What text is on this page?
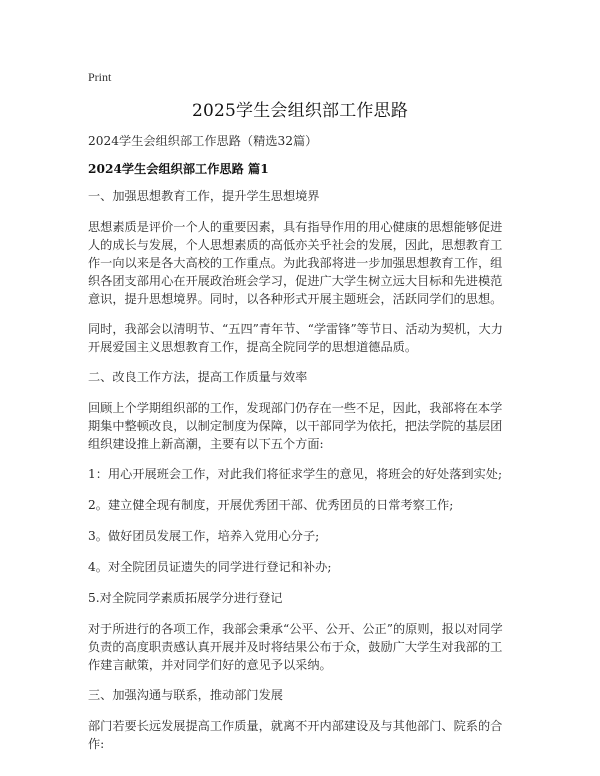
Print
2025学生会组织部工作思路

2024学生会组织部工作思路（精选32篇）

2024学生会组织部工作思路 篇1

一、加强思想教育工作，提升学生思想境界

思想素质是评价一个人的重要因素，具有指导作用的用心健康的思想能够促进人的成长与发展，个人思想素质的高低亦关乎社会的发展，因此，思想教育工作一向以来是各大高校的工作重点。为此我部将进一步加强思想教育工作，组织各团支部用心在开展政治班会学习，促进广大学生树立远大目标和先进模范意识，提升思想境界。同时，以各种形式开展主题班会，活跃同学们的思想。

同时，我部会以清明节、“五四”青年节、“学雷锋”等节日、活动为契机，大力开展爱国主义思想教育工作，提高全院同学的思想道德品质。

二、改良工作方法，提高工作质量与效率

回顾上个学期组织部的工作，发现部门仍存在一些不足，因此，我部将在本学期集中整顿改良，以制定制度为保障，以干部同学为依托，把法学院的基层团组织建设推上新高潮，主要有以下五个方面:

1：用心开展班会工作，对此我们将征求学生的意见，将班会的好处落到实处;

2。建立健全现有制度，开展优秀团干部、优秀团员的日常考察工作;

3。做好团员发展工作，培养入党用心分子;

4。对全院团员证遗失的同学进行登记和补办;

5.对全院同学素质拓展学分进行登记

对于所进行的各项工作，我部会秉承“公平、公开、公正”的原则，报以对同学负责的高度职责感认真开展并及时将结果公布于众，鼓励广大学生对我部的工作建言献策，并对同学们好的意见予以采纳。

三、加强沟通与联系，推动部门发展

部门若要长远发展提高工作质量，就离不开内部建设及与其他部门、院系的合作:
